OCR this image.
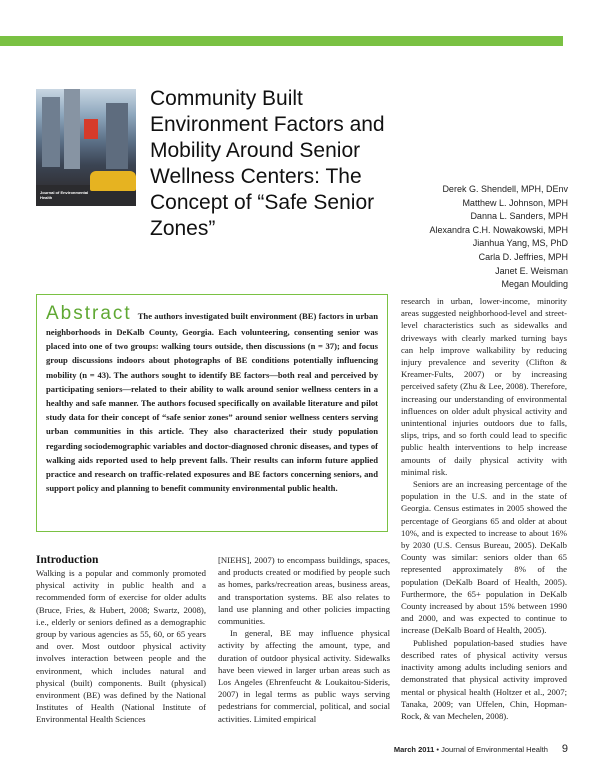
Journal of Environmental Health
Community Built Environment Factors and Mobility Around Senior Wellness Centers: The Concept of “Safe Senior Zones”
Derek G. Shendell, MPH, DEnv
Matthew L. Johnson, MPH
Danna L. Sanders, MPH
Alexandra C.H. Nowakowski, MPH
Jianhua Yang, MS, PhD
Carla D. Jeffries, MPH
Janet E. Weisman
Megan Moulding
Abstract The authors investigated built environment (BE) factors in urban neighborhoods in DeKalb County, Georgia. Each volunteering, consenting senior was placed into one of two groups: walking tours outside, then discussions (n = 37); and focus group discussions indoors about photographs of BE conditions potentially influencing mobility (n = 43). The authors sought to identify BE factors—both real and perceived by participating seniors—related to their ability to walk around senior wellness centers in a healthy and safe manner. The authors focused specifically on available literature and pilot study data for their concept of “safe senior zones” around senior wellness centers serving urban communities in this article. They also characterized their study population regarding sociodemographic variables and doctor-diagnosed chronic diseases, and types of walking aids reported used to help prevent falls. Their results can inform future applied practice and research on traffic-related exposures and BE factors concerning seniors, and support policy and planning to benefit community environmental public health.
Introduction

Walking is a popular and commonly promoted physical activity in public health and a recommended form of exercise for older adults (Bruce, Fries, & Hubert, 2008; Swartz, 2008), i.e., elderly or seniors defined as a demographic group by various agencies as 55, 60, or 65 years and over. Most outdoor physical activity involves interaction between people and the environment, which includes natural and physical (built) components. Built (physical) environment (BE) was defined by the National Institutes of Health (National Institute of Environmental Health Sciences

[NIEHS], 2007) to encompass buildings, spaces, and products created or modified by people such as homes, parks/recreation areas, business areas, and transportation systems. BE also relates to land use planning and other policies impacting communities.

In general, BE may influence physical activity by affecting the amount, type, and duration of outdoor physical activity. Sidewalks have been viewed in larger urban areas such as Los Angeles (Ehrenfeucht & Loukaitou-Sideris, 2007) in legal terms as public ways serving pedestrians for commercial, political, and social activities. Limited empirical

research in urban, lower-income, minority areas suggested neighborhood-level and street-level characteristics such as sidewalks and driveways with clearly marked turning bays can help improve walkability by reducing injury prevalence and severity (Clifton & Kreamer-Fults, 2007) or by increasing perceived safety (Zhu & Lee, 2008). Therefore, increasing our understanding of environmental influences on older adult physical activity and unintentional injuries outdoors due to falls, slips, trips, and so forth could lead to specific public health interventions to help increase amounts of daily physical activity with minimal risk.

Seniors are an increasing percentage of the population in the U.S. and in the state of Georgia. Census estimates in 2005 showed the percentage of Georgians 65 and older at about 10%, and is expected to increase to about 16% by 2030 (U.S. Census Bureau, 2005). DeKalb County was similar: seniors older than 65 represented approximately 8% of the population (DeKalb Board of Health, 2005). Furthermore, the 65+ population in DeKalb County increased by about 15% between 1990 and 2000, and was expected to continue to increase (DeKalb Board of Health, 2005).

Published population-based studies have described rates of physical activity versus inactivity among adults including seniors and demonstrated that physical activity improved mental or physical health (Holtzer et al., 2007; Tanaka, 2009; van Uffelen, Chin, Hopman-Rock, & van Mechelen, 2008).

March 2011 • Journal of Environmental Health 9
